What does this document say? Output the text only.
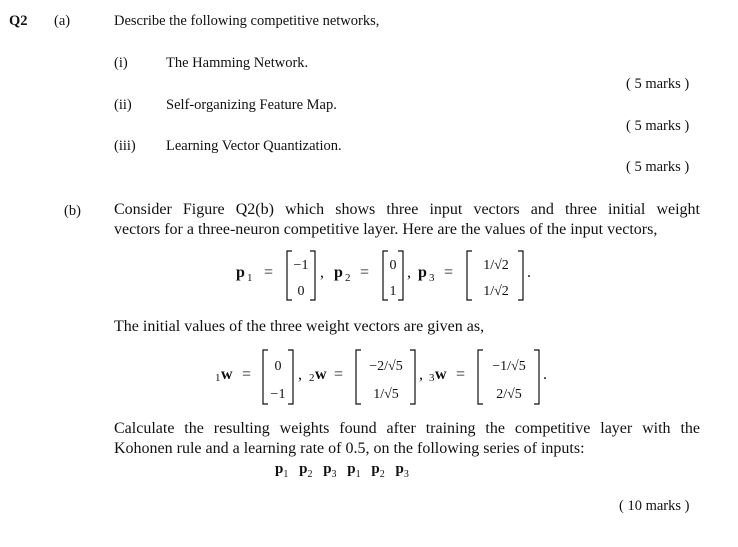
Q2 (a)	Describe the following competitive networks,
(i)	The Hamming Network.
( 5 marks )
(ii) Self-organizing Feature Map.
( 5 marks )
(iii) Learning Vector Quantization.
( 5 marks )
(b) Consider Figure Q2(b) which shows three input vectors and three initial weight
vectors for a three-neuron competitive layer. Here are the values of the input vectors,
p 1 = −1
0
, p 2 = 0
1
, p 3 = 1/√2
1/√2
.
The initial values of the three weight vectors are given as,
1 w = 0
−1
, 2 w = −2/√5
1/√5
, 3 w = −1/√5
2/√5
.
Calculate the resulting weights found after training the competitive layer with the
Kohonen rule and a learning rate of 0.5, on the following series of inputs:
$p_1$ $p_2$ $p_3$ $p_1$ $p_2$ $p_3$
( 10 marks )
